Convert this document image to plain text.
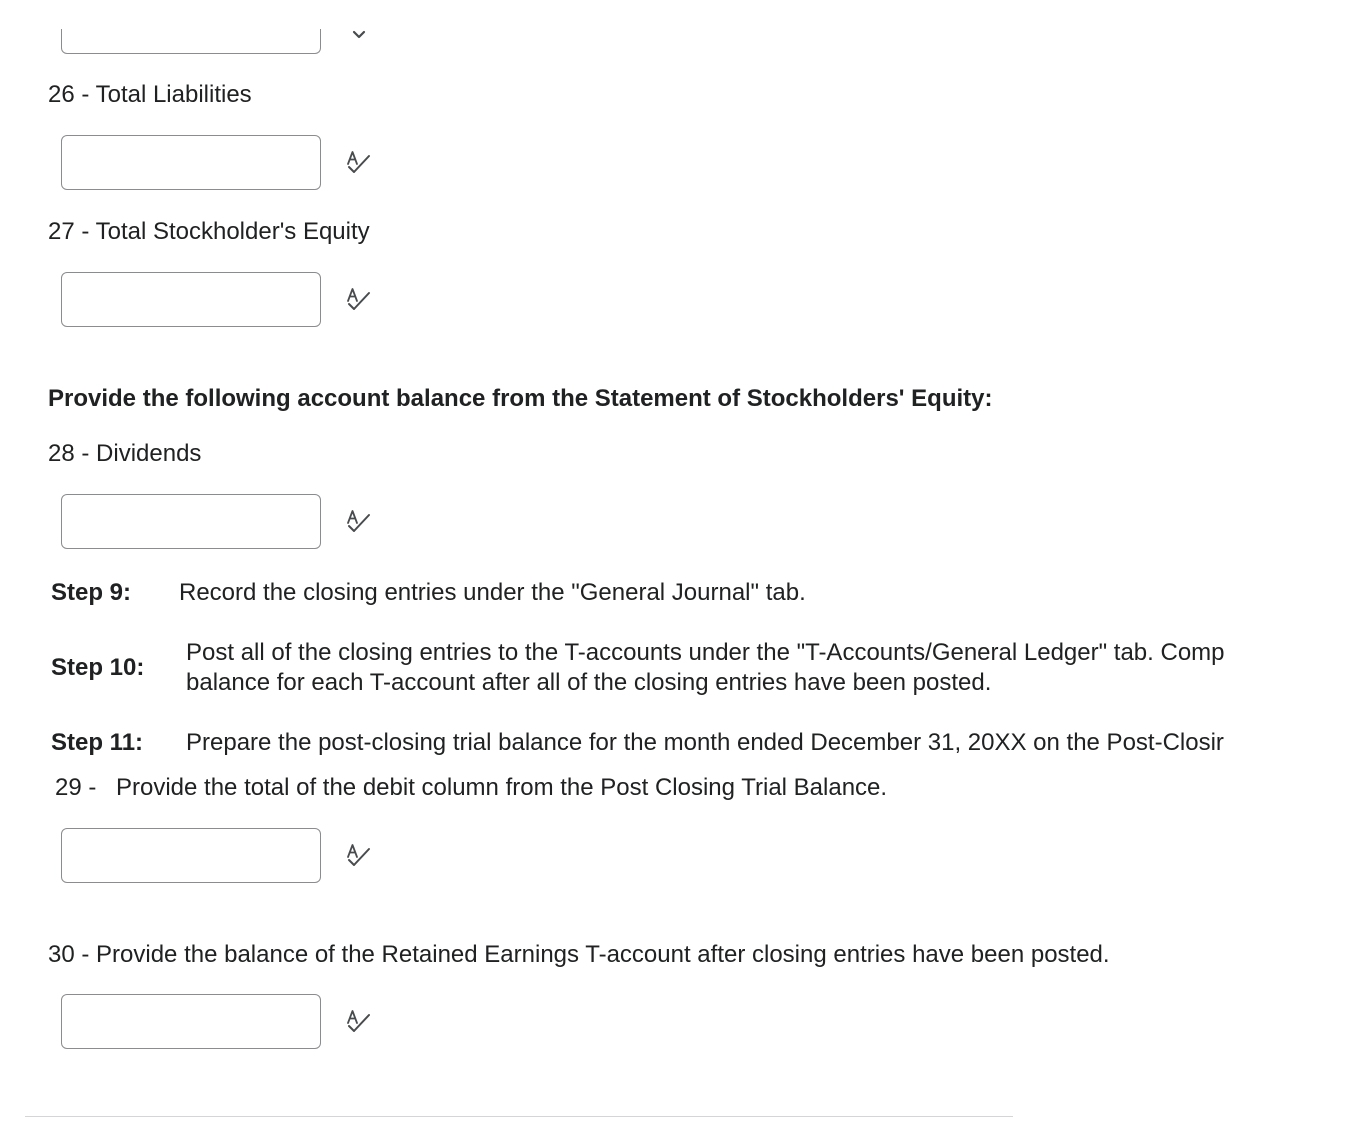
26 - Total Liabilities
27 - Total Stockholder's Equity
Provide the following account balance from the Statement of Stockholders' Equity:
28 - Dividends
Step 9: Record the closing entries under the "General Journal" tab.
Step 10:
Post all of the closing entries to the T-accounts under the "T-Accounts/General Ledger" tab. Comp
balance for each T-account after all of the closing entries have been posted.
Step 11: Prepare the post-closing trial balance for the month ended December 31, 20XX on the Post-Closir
29 - Provide the total of the debit column from the Post Closing Trial Balance.
30 - Provide the balance of the Retained Earnings T-account after closing entries have been posted.
